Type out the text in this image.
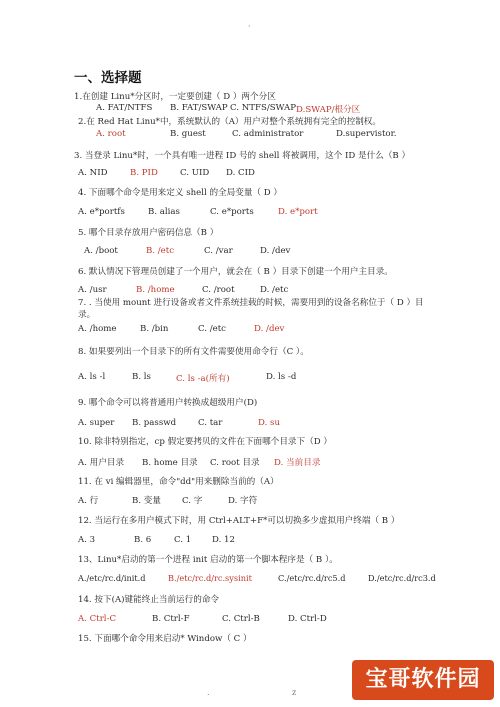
·
一、选择题
1.在创建 Linu*分区时，一定要创建（ D ）两个分区
A. FAT/NTFS B. FAT/SWAP C. NTFS/SWAP D.SWAP/根分区
2.在 Red Hat Linu*中，系统默认的（A）用户对整个系统拥有完全的控制权。
A. root	B. guest	C. administrator	D.supervistor.
3. 当登录 Linu*时，一个具有唯一进程 ID 号的 shell 将被调用，这个 ID 是什么（B ）
A. NID	B. PID	C. UID D. CID
4. 下面哪个命令是用来定义 shell 的全局变量（ D ）
A. e*portfs	B. alias	C. e*ports	D. e*port
5. 哪个目录存放用户密码信息（B ）
A. /boot	B. /etc	C. /var	D. /dev
6. 默认情况下管理员创建了一个用户，就会在（ B ）目录下创建一个用户主目录。
A. /usr	B. /home	C. /root	D. /etc
7. . 当使用 mount 进行设备或者文件系统挂载的时候，需要用到的设备名称位于（ D ）目录。
A. /home	B. /bin	C. /etc	D. /dev
8. 如果要列出一个目录下的所有文件需要使用命令行（C ）。
A. ls -l	B. ls	C. ls -a(所有)	D. ls -d
9. 哪个命令可以将普通用户转换成超级用户(D)
A. super B. passwd	C. tar	D. su
10. 除非特别指定，cp 假定要拷贝的文件在下面哪个目录下（D ）
A. 用户目录 B. home 目录 C. root 目录 D. 当前目录
11. 在 vi 编辑器里，命令"dd"用来删除当前的（A）
A. 行	B. 变量 C. 字	D. 字符
12. 当运行在多用户模式下时，用 Ctrl+ALT+F*可以切换多少虚拟用户终端（ B ）
A. 3	B. 6	C. 1 D. 12
13、Linu*启动的第一个进程 init 启动的第一个脚本程序是（ B ）。
A./etc/rc.d/init.d	B./etc/rc.d/rc.sysinit	C./etc/rc.d/rc5.d	D./etc/rc.d/rc3.d
14. 按下(A)键能终止当前运行的命令
A. Ctrl-C	B. Ctrl-F	C. Ctrl-B	D. Ctrl-D
15. 下面哪个命令用来启动* Window（ C ）
.	z
宝哥软件园
